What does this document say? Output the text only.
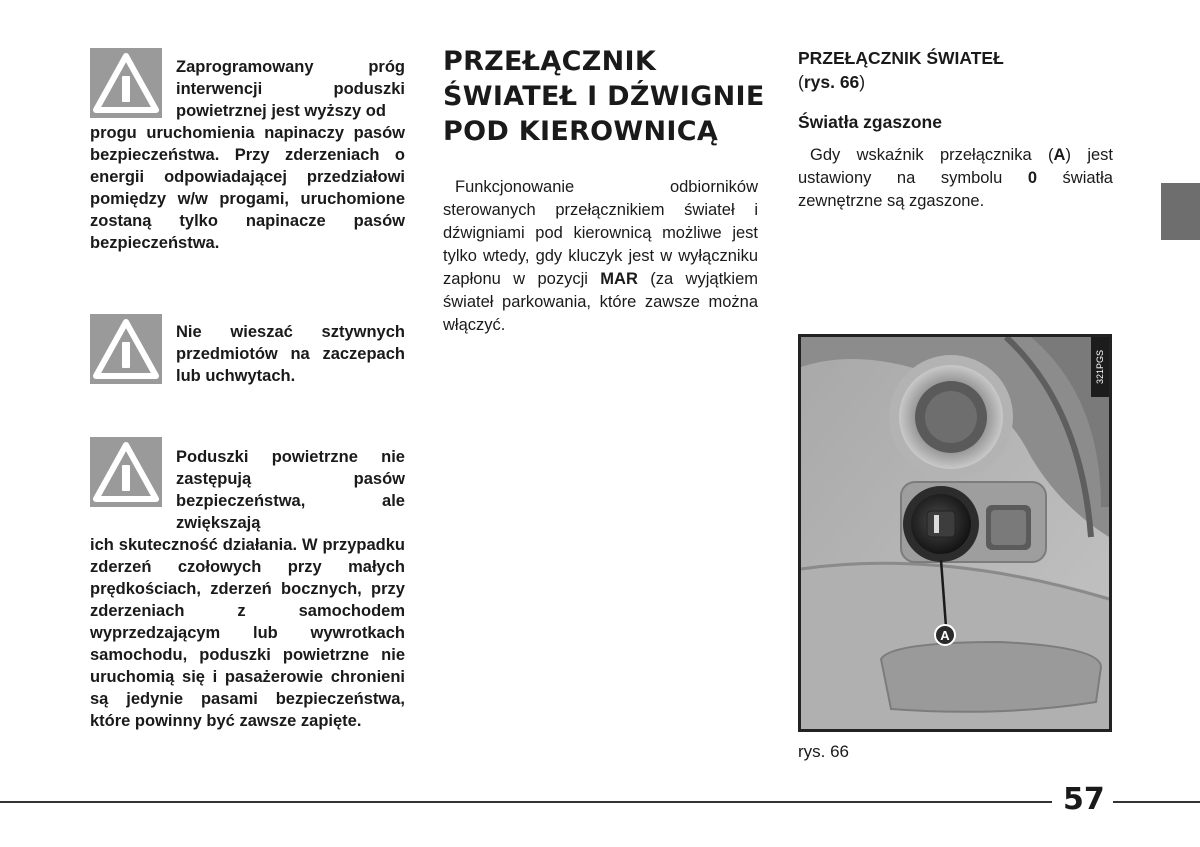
Zaprogramowany próg interwencji poduszki powietrznej jest wyższy od

progu uruchomienia napinaczy pasów bezpieczeństwa. Przy zderzeniach o energii odpowiadającej przedziałowi pomiędzy w/w progami, uruchomione zostaną tylko napinacze pasów bezpieczeństwa.

Nie wieszać sztywnych przedmiotów na zaczepach lub uchwytach.

Poduszki powietrzne nie zastępują pasów bezpieczeństwa, ale zwiększają

ich skuteczność działania. W przypadku zderzeń czołowych przy małych prędkościach, zderzeń bocznych, przy zderzeniach z samochodem wyprzedzającym lub wywrotkach samochodu, poduszki powietrzne nie uruchomią się i pasażerowie chronieni są jedynie pasami bezpieczeństwa, które powinny być zawsze zapięte.

PRZEŁĄCZNIK
ŚWIATEŁ I DŹWIGNIE
POD KIEROWNICĄ

Funkcjonowanie odbiorników sterowanych przełącznikiem świateł i dźwigniami pod kierownicą możliwe jest tylko wtedy, gdy kluczyk jest w wyłączniku zapłonu w pozycji MAR (za wyjątkiem świateł parkowania, które zawsze można włączyć.

PRZEŁĄCZNIK ŚWIATEŁ
(rys. 66)

Światła zgaszone

Gdy wskaźnik przełącznika (A) jest ustawiony na symbolu 0 światła zewnętrzne są zgaszone.

321PGS
A
rys. 66
57
